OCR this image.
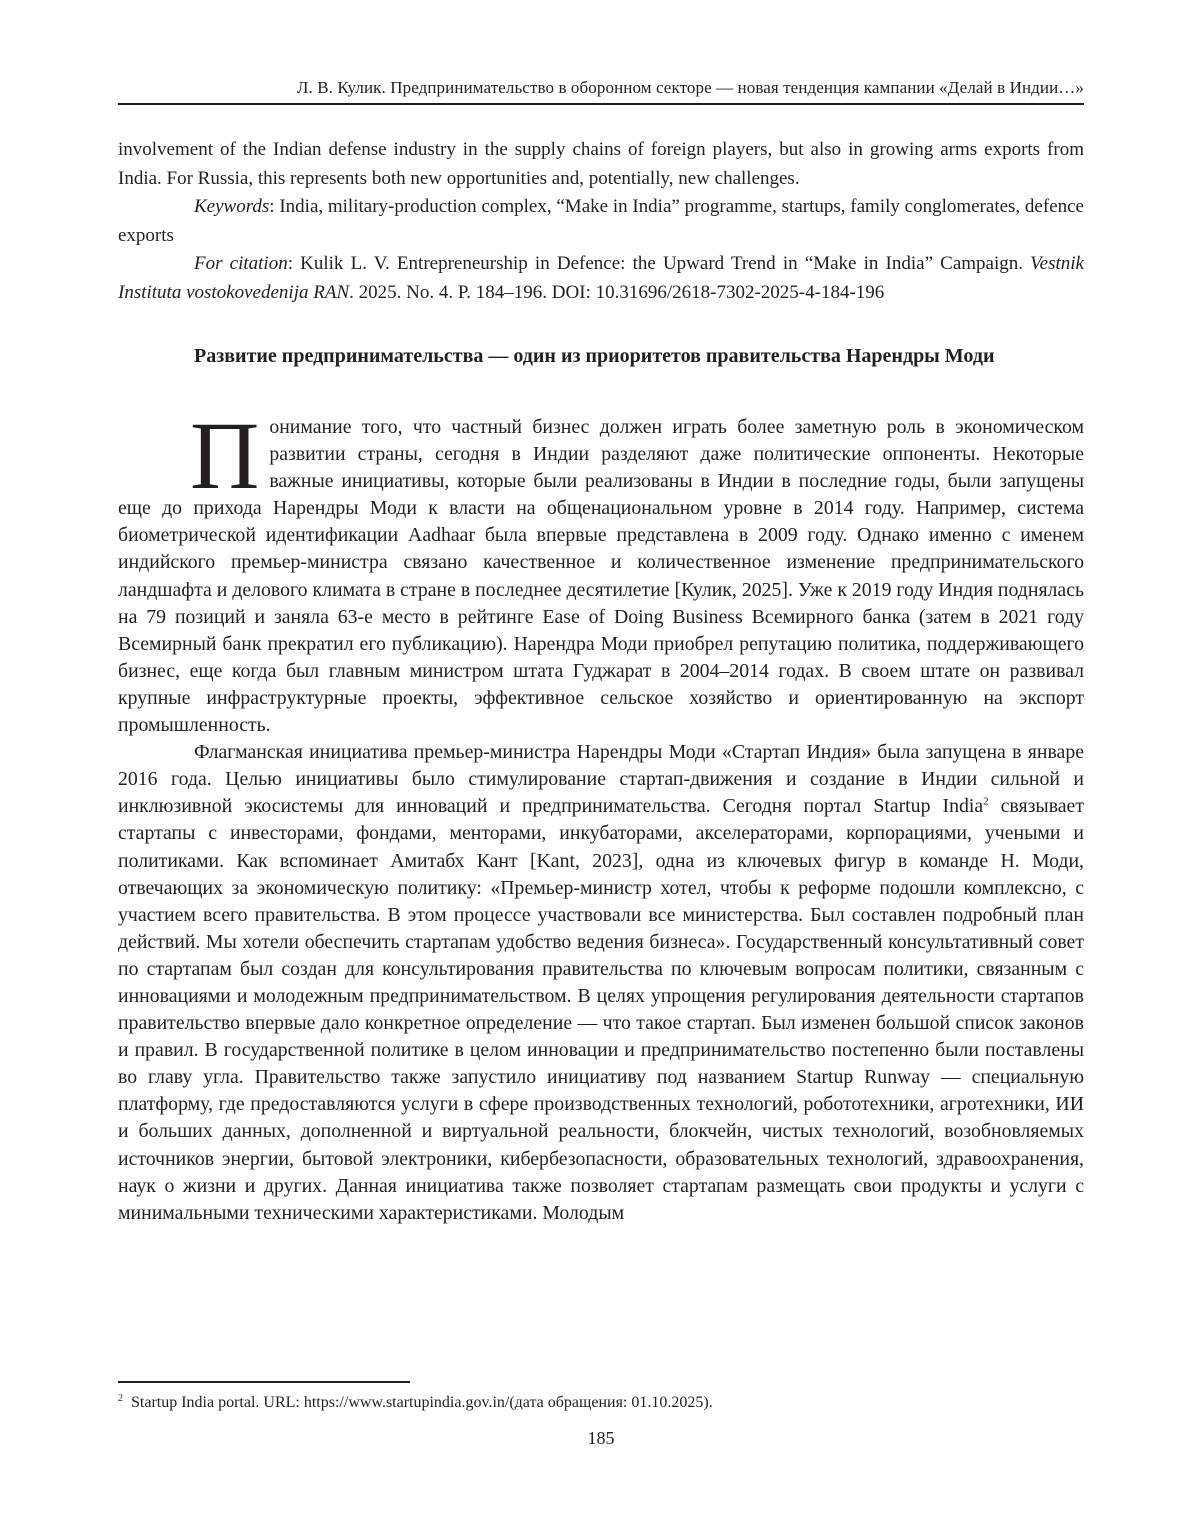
Л. В. Кулик. Предпринимательство в оборонном секторе — новая тенденция кампании «Делай в Индии…»

involvement of the Indian defense industry in the supply chains of foreign players, but also in growing arms exports from India. For Russia, this represents both new opportunities and, potentially, new challenges.

Keywords: India, military-production complex, “Make in India” programme, startups, family conglomerates, defence exports

For citation: Kulik L. V. Entrepreneurship in Defence: the Upward Trend in “Make in India” Campaign. Vestnik Instituta vostokovedenija RAN. 2025. No. 4. P. 184–196. DOI: 10.31696/2618-7302-2025-4-184-196

Развитие предпринимательства — один из приоритетов правительства Нарендры Моди

Понимание того, что частный бизнес должен играть более заметную роль в экономическом развитии страны, сегодня в Индии разделяют даже политические оппоненты. Некоторые важные инициативы, которые были реализованы в Индии в последние годы, были запущены еще до прихода Нарендры Моди к власти на общенациональном уровне в 2014 году. Например, система биометрической идентификации Aadhaar была впервые представлена в 2009 году. Однако именно с именем индийского премьер-министра связано качественное и количественное изменение предпринимательского ландшафта и делового климата в стране в последнее десятилетие [Кулик, 2025]. Уже к 2019 году Индия поднялась на 79 позиций и заняла 63-е место в рейтинге Ease of Doing Business Всемирного банка (затем в 2021 году Всемирный банк прекратил его публикацию). Нарендра Моди приобрел репутацию политика, поддерживающего бизнес, еще когда был главным министром штата Гуджарат в 2004–2014 годах. В своем штате он развивал крупные инфраструктурные проекты, эффективное сельское хозяйство и ориентированную на экспорт промышленность.

Флагманская инициатива премьер-министра Нарендры Моди «Стартап Индия» была запущена в январе 2016 года. Целью инициативы было стимулирование стартап-движения и создание в Индии сильной и инклюзивной экосистемы для инноваций и предпринимательства. Сегодня портал Startup India$^2$ связывает стартапы с инвесторами, фондами, менторами, инкубаторами, акселераторами, корпорациями, учеными и политиками. Как вспоминает Амитабх Кант [Kant, 2023], одна из ключевых фигур в команде Н. Моди, отвечающих за экономическую политику: «Премьер-министр хотел, чтобы к реформе подошли комплексно, с участием всего правительства. В этом процессе участвовали все министерства. Был составлен подробный план действий. Мы хотели обеспечить стартапам удобство ведения бизнеса». Государственный консультативный совет по стартапам был создан для консультирования правительства по ключевым вопросам политики, связанным с инновациями и молодежным предпринимательством. В целях упрощения регулирования деятельности стартапов правительство впервые дало конкретное определение — что такое стартап. Был изменен большой список законов и правил. В государственной политике в целом инновации и предпринимательство постепенно были поставлены во главу угла. Правительство также запустило инициативу под названием Startup Runway — специальную платформу, где предоставляются услуги в сфере производственных технологий, робототехники, агротехники, ИИ и больших данных, дополненной и виртуальной реальности, блокчейн, чистых технологий, возобновляемых источников энергии, бытовой электроники, кибербезопасности, образовательных технологий, здравоохранения, наук о жизни и других. Данная инициатива также позволяет стартапам размещать свои продукты и услуги с минимальными техническими характеристиками. Молодым

$^2$ Startup India portal. URL: https://www.startupindia.gov.in/(дата обращения: 01.10.2025).
185
